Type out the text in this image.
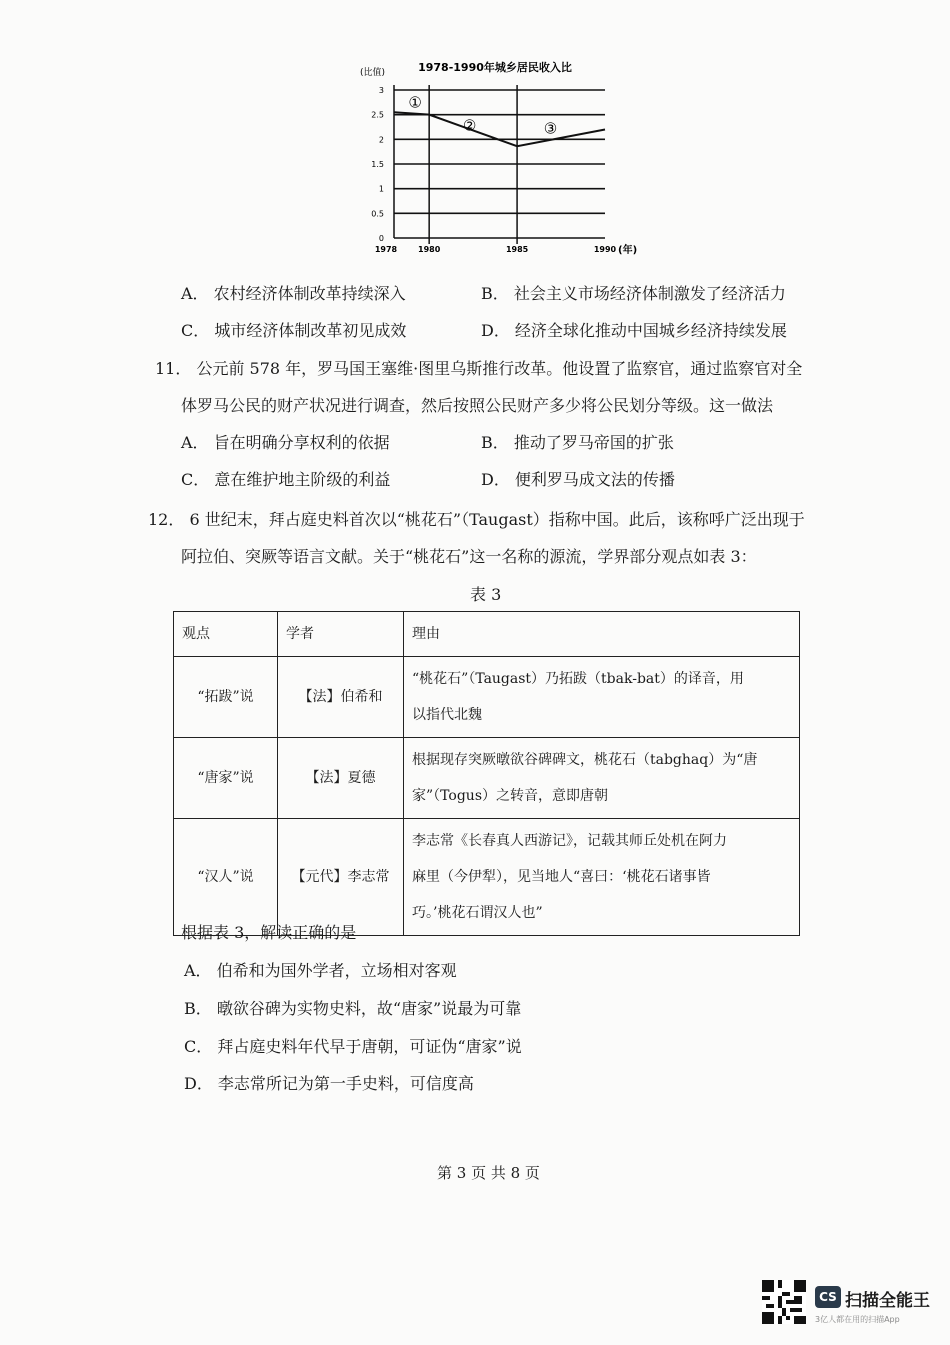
1978-1990年城乡居民收入比
(比值)
0
0.5
1
1.5
2
2.5
3
1978	1980	1985	1990 (年)
①
②	③
A． 农村经济体制改革持续深入	B． 社会主义市场经济体制激发了经济活力
C． 城市经济体制改革初见成效	D． 经济全球化推动中国城乡经济持续发展
11． 公元前 578 年，罗马国王塞维·图里乌斯推行改革。他设置了监察官，通过监察官对全
体罗马公民的财产状况进行调查，然后按照公民财产多少将公民划分等级。这一做法
A． 旨在明确分享权利的依据	B． 推动了罗马帝国的扩张
C． 意在维护地主阶级的利益	D． 便利罗马成文法的传播
12． 6 世纪末，拜占庭史料首次以“桃花石”（Taugast）指称中国。此后，该称呼广泛出现于
阿拉伯、突厥等语言文献。关于“桃花石”这一名称的源流，学界部分观点如表 3：
表 3
观点	学者	理由
“拓跋”说	【法】伯希和	“桃花石”（Taugast）乃拓跋（tbak-bat）的译音，用
以指代北魏

“唐家”说	【法】夏德	根据现存突厥暾欲谷碑碑文，桃花石（tabghaq）为“唐
家”（Togus）之转音，意即唐朝

“汉人”说	【元代】李志常	李志常《长春真人西游记》，记载其师丘处机在阿力
麻里（今伊犁），见当地人“喜曰：‘桃花石诸事皆
巧。’桃花石谓汉人也”
根据表 3，解读正确的是
A． 伯希和为国外学者，立场相对客观
B． 暾欲谷碑为实物史料，故“唐家”说最为可靠
C． 拜占庭史料年代早于唐朝，可证伪“唐家”说
D． 李志常所记为第一手史料，可信度高
第 3 页 共 8 页
CS 扫描全能王
3亿人都在用的扫描App
